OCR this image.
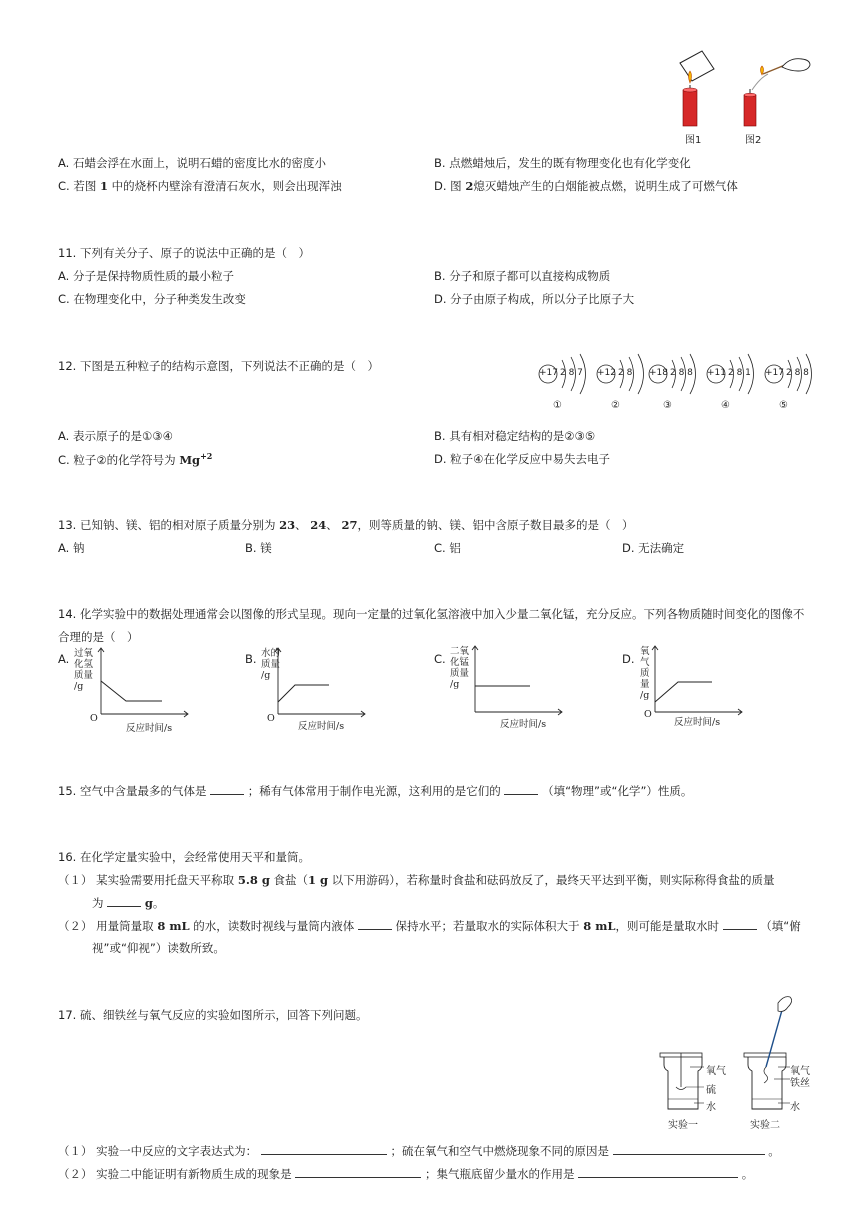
图1	图2
A. 石蜡会浮在水面上，说明石蜡的密度比水的密度小	B. 点燃蜡烛后，发生的既有物理变化也有化学变化
C. 若图 1 中的烧杯内壁涂有澄清石灰水，则会出现浑浊	D. 图 2熄灭蜡烛产生的白烟能被点燃，说明生成了可燃气体
11. 下列有关分子、原子的说法中正确的是（　）
A. 分子是保持物质性质的最小粒子	B. 分子和原子都可以直接构成物质
C. 在物理变化中，分子种类发生改变	D. 分子由原子构成，所以分子比原子大
12. 下图是五种粒子的结构示意图，下列说法不正确的是（　）	+17 2 8 7
①
+12 2 8
②
+18 2 8 8
③
+11 2 8 1
④
+17 2 8 8
⑤
A. 表示原子的是①③④	B. 具有相对稳定结构的是②③⑤
C. 粒子②的化学符号为 $Mg^{+2}$	D. 粒子④在化学反应中易失去电子
13. 已知钠、镁、铝的相对原子质量分别为 23、 24、 27，则等质量的钠、镁、铝中含原子数目最多的是（　）
A. 钠	B. 镁	C. 铝	D. 无法确定
14. 化学实验中的数据处理通常会以图像的形式呈现。现向一定量的过氧化氢溶液中加入少量二氧化锰，充分反应。下列各物质随时间变化的图像不
合理的是（　）
A. 过氧
化氢
质量
/g
O
反应时间/s
B. 水的
质量
/g
O
反应时间/s
C.
二氧
化锰
质量
/g
反应时间/s
D.
氧气
质量
/g
O
反应时间/s
15. 空气中含量最多的气体是	；稀有气体常用于制作电光源，这利用的是它们的	（填“物理”或“化学”）性质。
16. 在化学定量实验中，会经常使用天平和量筒。
（１） 某实验需要用托盘天平称取 5.8 g 食盐（1 g 以下用游码），若称量时食盐和砝码放反了，最终天平达到平衡，则实际称得食盐的质量
为	g。
（２） 用量筒量取 8 mL 的水，读数时视线与量筒内液体	保持水平；若量取水的实际体积大于 8 mL，则可能是量取水时	（填“俯
视”或“仰视”）读数所致。
17. 硫、细铁丝与氧气反应的实验如图所示，回答下列问题。
氧气
硫
水
实验一
氧气
铁丝
水
实验二
（１） 实验一中反应的文字表达式为：	；硫在氧气和空气中燃烧现象不同的原因是	。
（２） 实验二中能证明有新物质生成的现象是	；集气瓶底留少量水的作用是	。
